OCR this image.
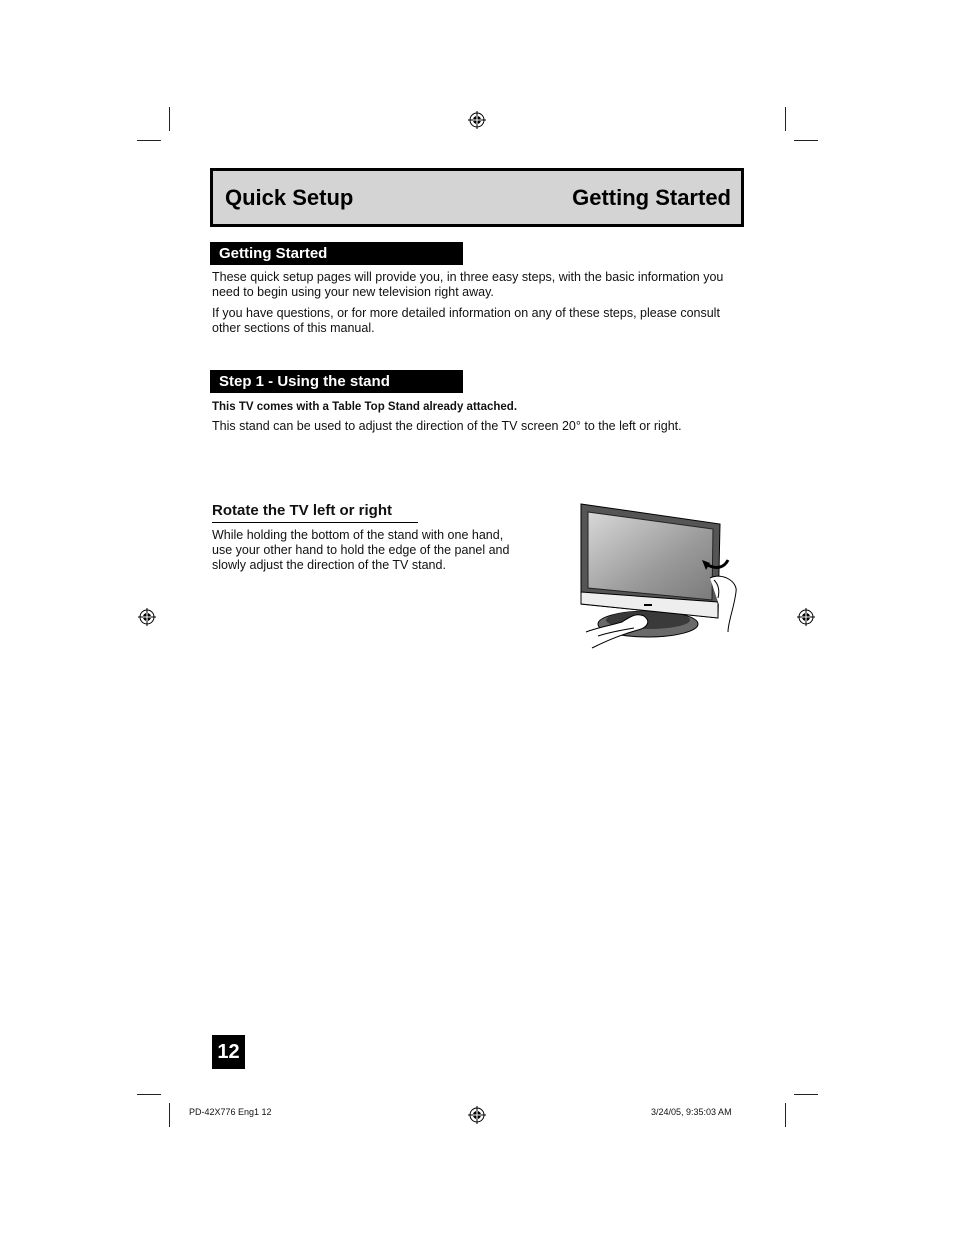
Quick Setup	Getting Started
Getting Started
These quick setup pages will provide you, in three easy steps, with the basic information you need to begin using your new television right away.
If you have questions, or for more detailed information on any of these steps, please consult other sections of this manual.
Step 1 - Using the stand
This TV comes with a Table Top Stand already attached.
This stand can be used to adjust the direction of the TV screen 20° to the left or right.
Rotate the TV left or right
While holding the bottom of the stand with one hand, use your other hand to hold the edge of the panel and slowly adjust the direction of the TV stand.
12
PD-42X776 Eng1 12	3/24/05, 9:35:03 AM
